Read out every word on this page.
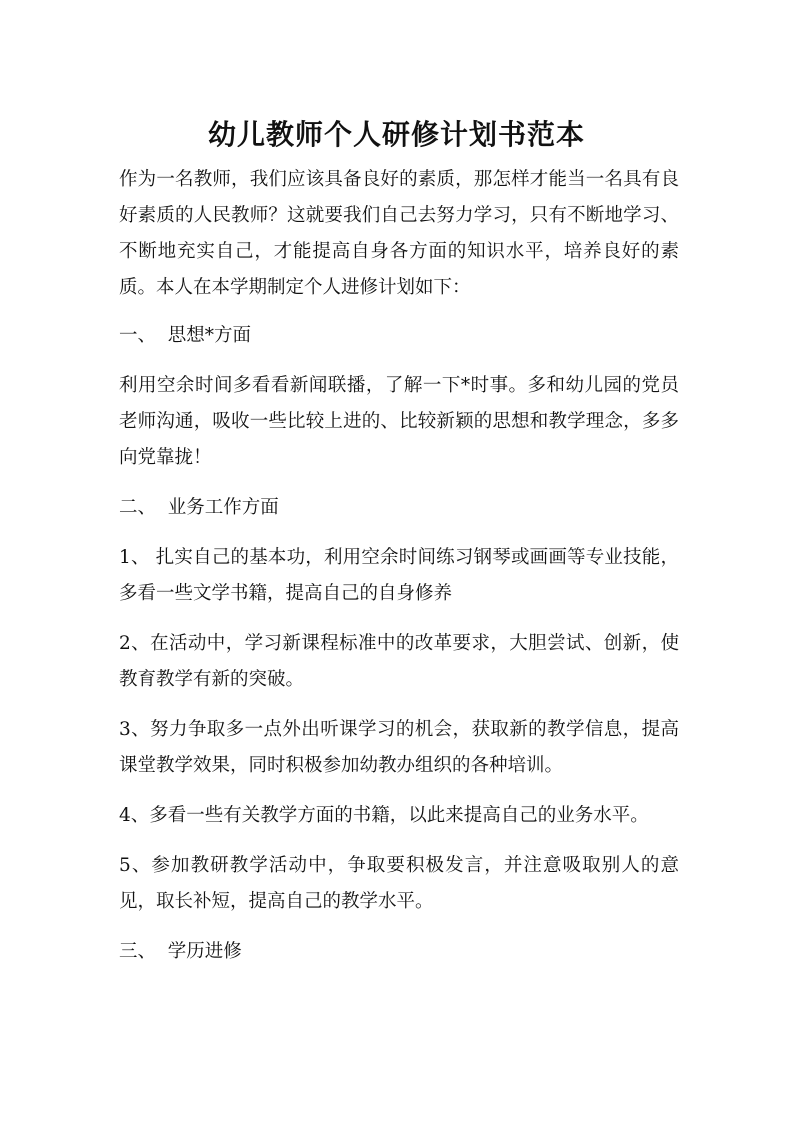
幼儿教师个人研修计划书范本

作为一名教师，我们应该具备良好的素质，那怎样才能当一名具有良好素质的人民教师？这就要我们自己去努力学习，只有不断地学习、不断地充实自己，才能提高自身各方面的知识水平，培养良好的素质。本人在本学期制定个人进修计划如下：

一、  思想*方面

利用空余时间多看看新闻联播，了解一下*时事。多和幼儿园的党员老师沟通，吸收一些比较上进的、比较新颖的思想和教学理念，多多向党靠拢！

二、  业务工作方面

1、 扎实自己的基本功，利用空余时间练习钢琴或画画等专业技能，多看一些文学书籍，提高自己的自身修养

2、在活动中，学习新课程标准中的改革要求，大胆尝试、创新，使教育教学有新的突破。

3、努力争取多一点外出听课学习的机会，获取新的教学信息，提高课堂教学效果，同时积极参加幼教办组织的各种培训。

4、多看一些有关教学方面的书籍，以此来提高自己的业务水平。

5、参加教研教学活动中，争取要积极发言，并注意吸取别人的意见，取长补短，提高自己的教学水平。

三、  学历进修
